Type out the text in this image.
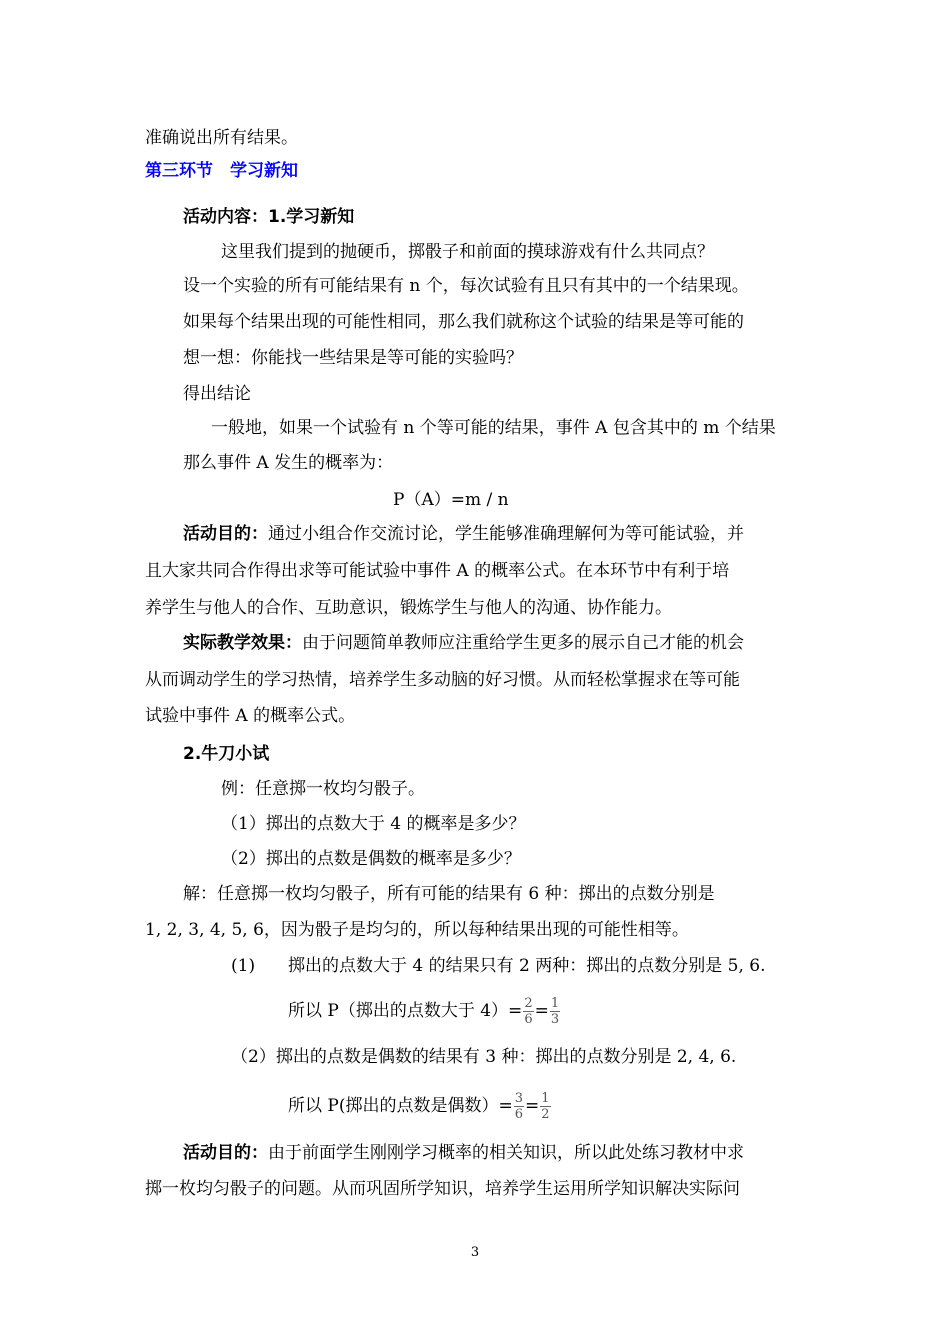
准确说出所有结果。
第三环节　学习新知
活动内容：1.学习新知
这里我们提到的抛硬币，掷骰子和前面的摸球游戏有什么共同点？
设一个实验的所有可能结果有 n 个，每次试验有且只有其中的一个结果现。
如果每个结果出现的可能性相同，那么我们就称这个试验的结果是等可能的
想一想：你能找一些结果是等可能的实验吗？
得出结论
一般地，如果一个试验有 n 个等可能的结果，事件 A 包含其中的 m 个结果
那么事件 A 发生的概率为：
P（A）=m / n
活动目的：通过小组合作交流讨论，学生能够准确理解何为等可能试验，并
且大家共同合作得出求等可能试验中事件 A 的概率公式。在本环节中有利于培
养学生与他人的合作、互助意识，锻炼学生与他人的沟通、协作能力。
实际教学效果：由于问题简单教师应注重给学生更多的展示自己才能的机会
从而调动学生的学习热情，培养学生多动脑的好习惯。从而轻松掌握求在等可能
试验中事件 A 的概率公式。
2.牛刀小试
例：任意掷一枚均匀骰子。
（1）掷出的点数大于 4 的概率是多少？
（2）掷出的点数是偶数的概率是多少？
解：任意掷一枚均匀骰子，所有可能的结果有 6 种：掷出的点数分别是
1, 2, 3, 4, 5, 6，因为骰子是均匀的，所以每种结果出现的可能性相等。
(1) 掷出的点数大于 4 的结果只有 2 两种：掷出的点数分别是 5, 6.
所以 P（掷出的点数大于 $4)= \frac{2}{6} = \frac{1}{3}$
（2）掷出的点数是偶数的结果有 3 种：掷出的点数分别是 2, 4, 6.
所以 P(掷出的点数是偶数）= $\frac{3}{6} = \frac{1}{2}$
活动目的：由于前面学生刚刚学习概率的相关知识，所以此处练习教材中求
掷一枚均匀骰子的问题。从而巩固所学知识，培养学生运用所学知识解决实际问
3
